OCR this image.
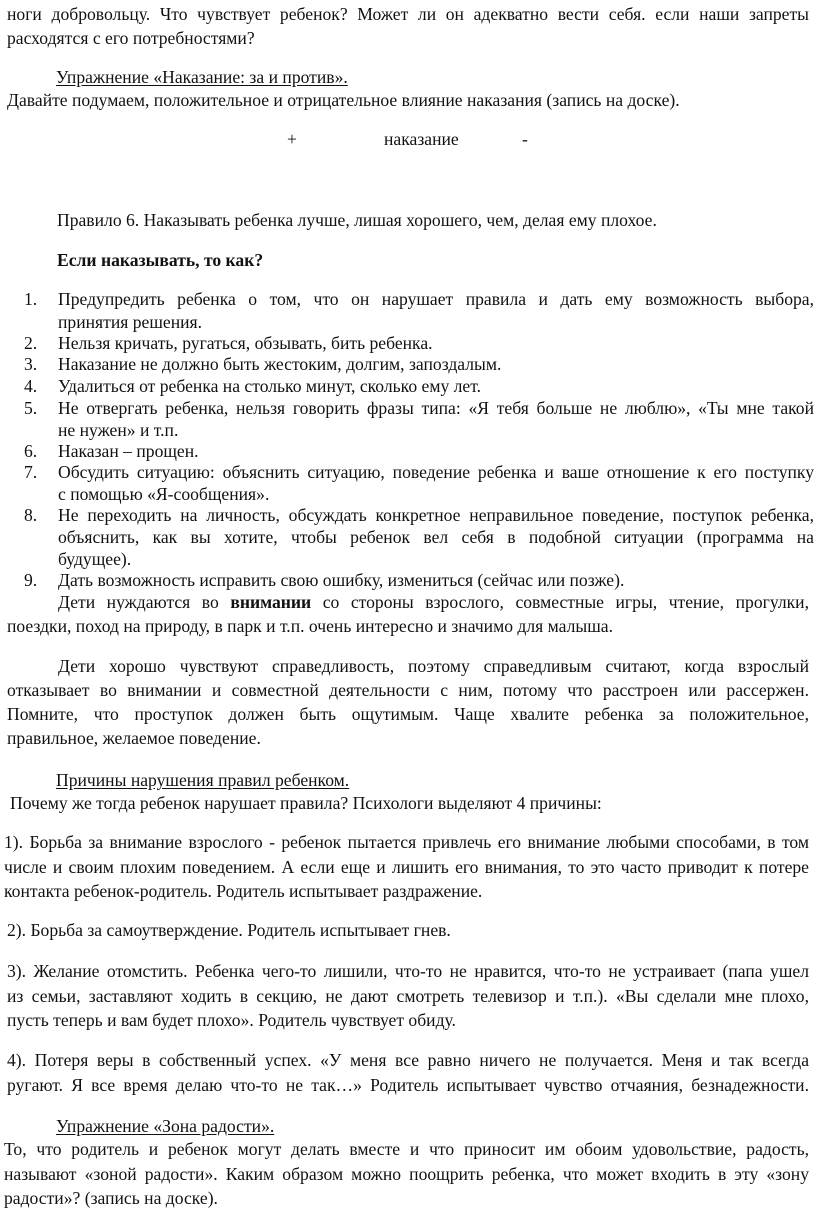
ноги добровольцу. Что чувствует ребенок? Может ли он адекватно вести себя. если наши запреты
расходятся с его потребностями?
Упражнение «Наказание: за и против».
Давайте подумаем, положительное и отрицательное влияние наказания (запись на доске).
+	наказание	-
Правило 6. Наказывать ребенка лучше, лишая хорошего, чем, делая ему плохое.
Если наказывать, то как?
1. Предупредить ребенка о том, что он нарушает правила и дать ему возможность выбора,
принятия решения.
2. Нельзя кричать, ругаться, обзывать, бить ребенка.
3. Наказание не должно быть жестоким, долгим, запоздалым.
4. Удалиться от ребенка на столько минут, сколько ему лет.
5. Не отвергать ребенка, нельзя говорить фразы типа: «Я тебя больше не люблю», «Ты мне такой
не нужен» и т.п.
6. Наказан – прощен.
7. Обсудить ситуацию: объяснить ситуацию, поведение ребенка и ваше отношение к его поступку
с помощью «Я-сообщения».
8. Не переходить на личность, обсуждать конкретное неправильное поведение, поступок ребенка,
объяснить, как вы хотите, чтобы ребенок вел себя в подобной ситуации (программа на
будущее).
9. Дать возможность исправить свою ошибку, измениться (сейчас или позже).
Дети нуждаются во внимании со стороны взрослого, совместные игры, чтение, прогулки,
поездки, поход на природу, в парк и т.п. очень интересно и значимо для малыша.
Дети хорошо чувствуют справедливость, поэтому справедливым считают, когда взрослый
отказывает во внимании и совместной деятельности с ним, потому что расстроен или рассержен.
Помните, что проступок должен быть ощутимым. Чаще хвалите ребенка за положительное,
правильное, желаемое поведение.
Причины нарушения правил ребенком.
Почему же тогда ребенок нарушает правила? Психологи выделяют 4 причины:
1). Борьба за внимание взрослого - ребенок пытается привлечь его внимание любыми способами, в том
числе и своим плохим поведением. А если еще и лишить его внимания, то это часто приводит к потере
контакта ребенок-родитель. Родитель испытывает раздражение.
2). Борьба за самоутверждение. Родитель испытывает гнев.
3). Желание отомстить. Ребенка чего-то лишили, что-то не нравится, что-то не устраивает (папа ушел
из семьи, заставляют ходить в секцию, не дают смотреть телевизор и т.п.). «Вы сделали мне плохо,
пусть теперь и вам будет плохо». Родитель чувствует обиду.
4). Потеря веры в собственный успех. «У меня все равно ничего не получается. Меня и так всегда
ругают. Я все время делаю что-то не так…» Родитель испытывает чувство отчаяния, безнадежности.
Упражнение «Зона радости».
То, что родитель и ребенок могут делать вместе и что приносит им обоим удовольствие, радость,
называют «зоной радости». Каким образом можно поощрить ребенка, что может входить в эту «зону
радости»? (запись на доске).
